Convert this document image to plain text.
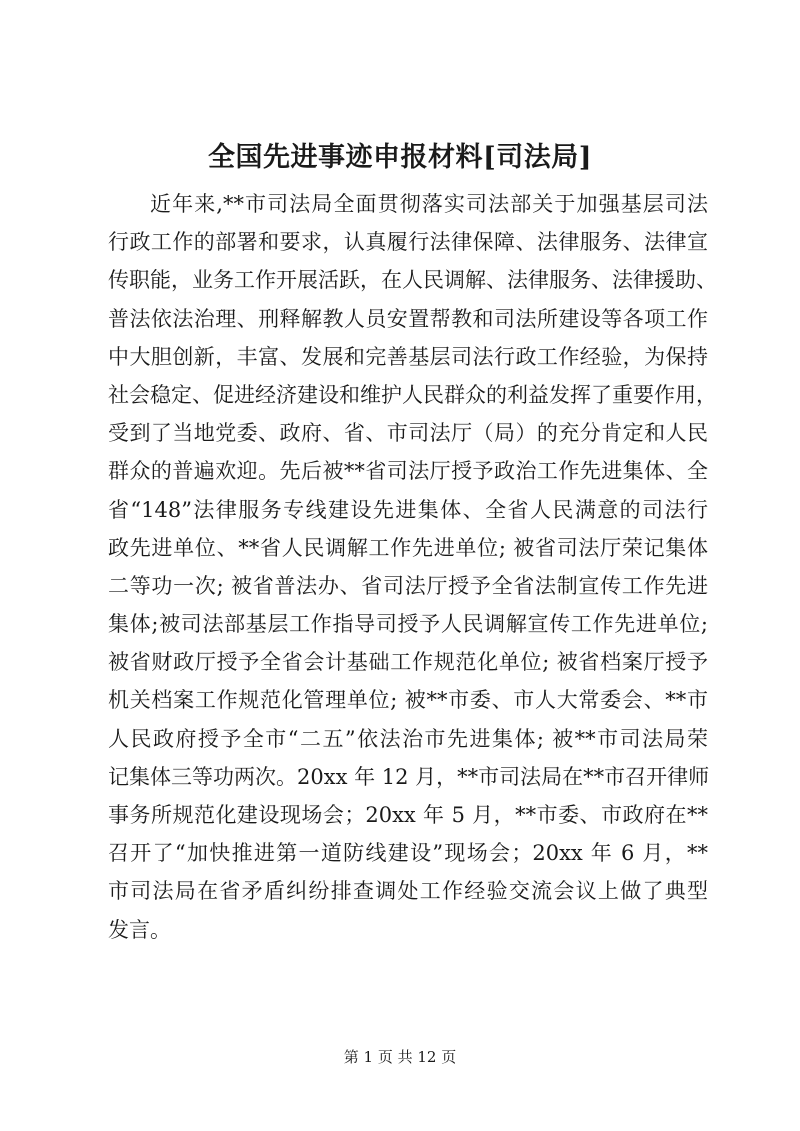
全国先进事迹申报材料[司法局]
近年来,**市司法局全面贯彻落实司法部关于加强基层司法
行政工作的部署和要求，认真履行法律保障、法律服务、法律宣
传职能，业务工作开展活跃，在人民调解、法律服务、法律援助、
普法依法治理、刑释解教人员安置帮教和司法所建设等各项工作
中大胆创新，丰富、发展和完善基层司法行政工作经验，为保持
社会稳定、促进经济建设和维护人民群众的利益发挥了重要作用，
受到了当地党委、政府、省、市司法厅（局）的充分肯定和人民
群众的普遍欢迎。先后被**省司法厅授予政治工作先进集体、全
省“148”法律服务专线建设先进集体、全省人民满意的司法行
政先进单位、**省人民调解工作先进单位; 被省司法厅荣记集体
二等功一次; 被省普法办、省司法厅授予全省法制宣传工作先进
集体;被司法部基层工作指导司授予人民调解宣传工作先进单位;
被省财政厅授予全省会计基础工作规范化单位; 被省档案厅授予
机关档案工作规范化管理单位; 被**市委、市人大常委会、**市
人民政府授予全市“二五”依法治市先进集体; 被**市司法局荣
记集体三等功两次。20xx 年 12 月，**市司法局在**市召开律师
事务所规范化建设现场会；20xx 年 5 月，**市委、市政府在**
召开了“加快推进第一道防线建设”现场会；20xx 年 6 月，**
市司法局在省矛盾纠纷排查调处工作经验交流会议上做了典型
发言。
第 1 页 共 12 页
